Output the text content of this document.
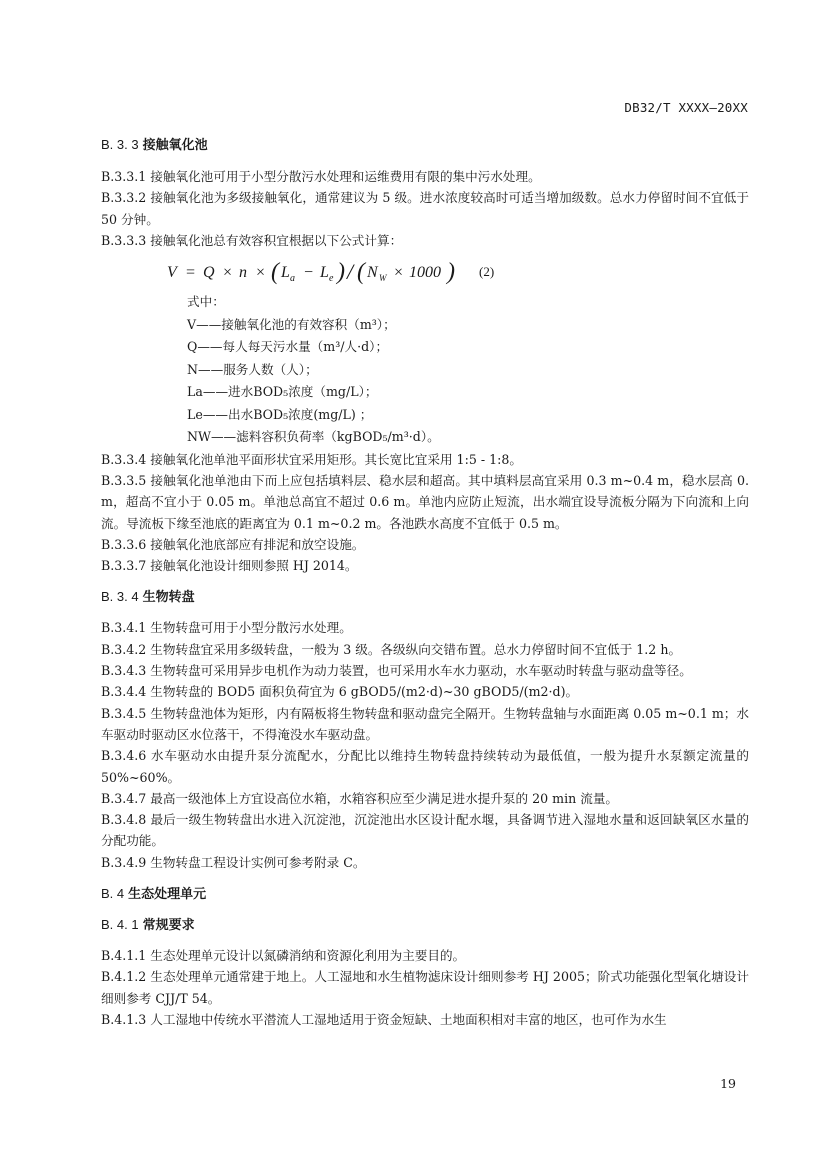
DB32/T XXXX—20XX

B. 3. 3 接触氧化池

B.3.3.1 接触氧化池可用于小型分散污水处理和运维费用有限的集中污水处理。

B.3.3.2 接触氧化池为多级接触氧化，通常建议为 5 级。进水浓度较高时可适当增加级数。总水力停留时间不宜低于 50 分钟。

B.3.3.3 接触氧化池总有效容积宜根据以下公式计算：

V = Q × n × ( L a − L e ) / ( N W × 1000 ) (2)

式中：

V——接触氧化池的有效容积（m³）；

Q——每人每天污水量（m³/人·d）；

N——服务人数（人）；

La——进水BOD₅浓度（mg/L）；

Le——出水BOD₅浓度(mg/L) ；

NW——滤料容积负荷率（kgBOD₅/m³·d）。

B.3.3.4 接触氧化池单池平面形状宜采用矩形。其长宽比宜采用 1:5 - 1:8。

B.3.3.5 接触氧化池单池由下而上应包括填料层、稳水层和超高。其中填料层高宜采用 0.3 m~0.4 m，稳水层高 0. m，超高不宜小于 0.05 m。单池总高宜不超过 0.6 m。单池内应防止短流，出水端宜设导流板分隔为下向流和上向流。导流板下缘至池底的距离宜为 0.1 m~0.2 m。各池跌水高度不宜低于 0.5 m。

B.3.3.6 接触氧化池底部应有排泥和放空设施。

B.3.3.7 接触氧化池设计细则参照 HJ 2014。

B. 3. 4 生物转盘

B.3.4.1 生物转盘可用于小型分散污水处理。

B.3.4.2 生物转盘宜采用多级转盘，一般为 3 级。各级纵向交错布置。总水力停留时间不宜低于 1.2 h。

B.3.4.3 生物转盘可采用异步电机作为动力装置，也可采用水车水力驱动，水车驱动时转盘与驱动盘等径。

B.3.4.4 生物转盘的 BOD5 面积负荷宜为 6 gBOD5/(m2·d)~30 gBOD5/(m2·d)。

B.3.4.5 生物转盘池体为矩形，内有隔板将生物转盘和驱动盘完全隔开。生物转盘轴与水面距离 0.05 m~0.1 m；水车驱动时驱动区水位落干，不得淹没水车驱动盘。

B.3.4.6 水车驱动水由提升泵分流配水，分配比以维持生物转盘持续转动为最低值，一般为提升水泵额定流量的 50%~60%。

B.3.4.7 最高一级池体上方宜设高位水箱，水箱容积应至少满足进水提升泵的 20 min 流量。

B.3.4.8 最后一级生物转盘出水进入沉淀池，沉淀池出水区设计配水堰，具备调节进入湿地水量和返回缺氧区水量的分配功能。

B.3.4.9 生物转盘工程设计实例可参考附录 C。

B. 4 生态处理单元

B. 4. 1 常规要求

B.4.1.1 生态处理单元设计以氮磷消纳和资源化利用为主要目的。

B.4.1.2 生态处理单元通常建于地上。人工湿地和水生植物滤床设计细则参考 HJ 2005；阶式功能强化型氧化塘设计细则参考 CJJ/T 54。

B.4.1.3 人工湿地中传统水平潜流人工湿地适用于资金短缺、土地面积相对丰富的地区，也可作为水生

19
